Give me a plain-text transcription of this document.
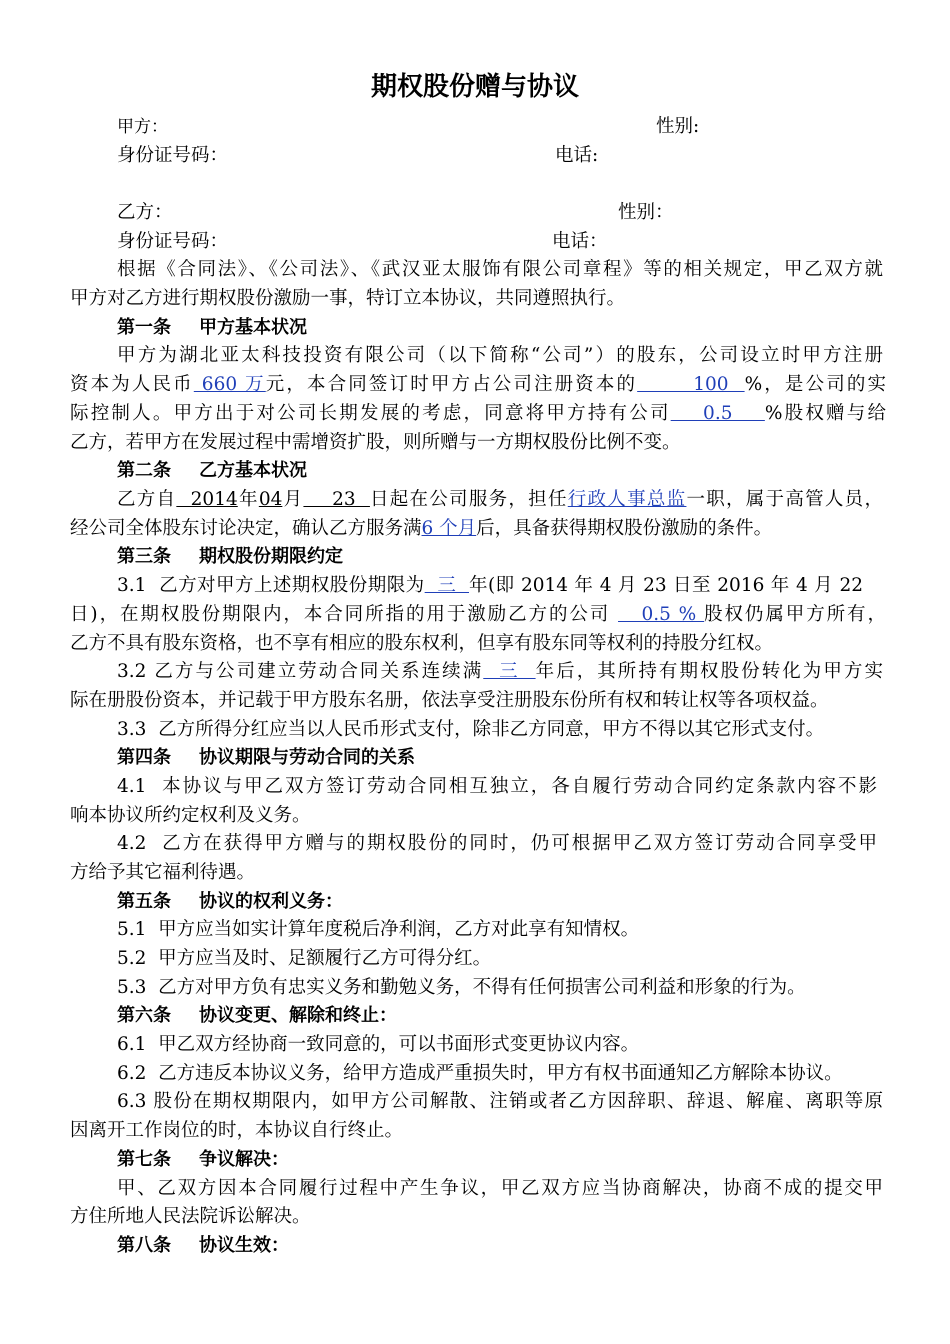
期权股份赠与协议
甲方：	性别:
身份证号码：	电话:
乙方：	性别：
身份证号码：	电话：
根据《合同法》、《公司法》、《武汉亚太服饰有限公司章程》等的相关规定，甲乙双方就
甲方对乙方进行期权股份激励一事，特订立本协议，共同遵照执行。
第一条 甲方基本状况
甲方为湖北亚太科技投资有限公司（以下简称“公司”）的股东，公司设立时甲方注册
资本为人民币 660 万元，本合同签订时甲方占公司注册资本的       100  %，是公司的实
际控制人。甲方出于对公司长期发展的考虑，同意将甲方持有公司    0.5    %股权赠与给
乙方，若甲方在发展过程中需增资扩股，则所赠与一方期权股份比例不变。
第二条 乙方基本状况
乙方自  2014年04月    23  日起在公司服务，担任行政人事总监一职，属于高管人员，
经公司全体股东讨论决定，确认乙方服务满6 个月后，具备获得期权股份激励的条件。
第三条 期权股份期限约定
3.1  乙方对甲方上述期权股份期限为  三  年(即 2014 年 4 月 23 日至 2016 年 4 月 22
日)，在期权股份期限内，本合同所指的用于激励乙方的公司    0.5 % 股权仍属甲方所有，
乙方不具有股东资格，也不享有相应的股东权利，但享有股东同等权利的持股分红权。
3.2 乙方与公司建立劳动合同关系连续满  三  年后，其所持有期权股份转化为甲方实
际在册股份资本，并记载于甲方股东名册，依法享受注册股东份所有权和转让权等各项权益。
3.3  乙方所得分红应当以人民币形式支付，除非乙方同意，甲方不得以其它形式支付。
第四条 协议期限与劳动合同的关系
4.1  本协议与甲乙双方签订劳动合同相互独立，各自履行劳动合同约定条款内容不影
响本协议所约定权利及义务。
4.2  乙方在获得甲方赠与的期权股份的同时，仍可根据甲乙双方签订劳动合同享受甲
方给予其它福利待遇。
第五条 协议的权利义务：
5.1  甲方应当如实计算年度税后净利润，乙方对此享有知情权。
5.2  甲方应当及时、足额履行乙方可得分红。
5.3  乙方对甲方负有忠实义务和勤勉义务，不得有任何损害公司利益和形象的行为。
第六条 协议变更、解除和终止：
6.1  甲乙双方经协商一致同意的，可以书面形式变更协议内容。
6.2  乙方违反本协议义务，给甲方造成严重损失时，甲方有权书面通知乙方解除本协议。
6.3 股份在期权期限内，如甲方公司解散、注销或者乙方因辞职、辞退、解雇、离职等原
因离开工作岗位的时，本协议自行终止。
第七条 争议解决：
甲、乙双方因本合同履行过程中产生争议，甲乙双方应当协商解决，协商不成的提交甲
方住所地人民法院诉讼解决。
第八条 协议生效：
